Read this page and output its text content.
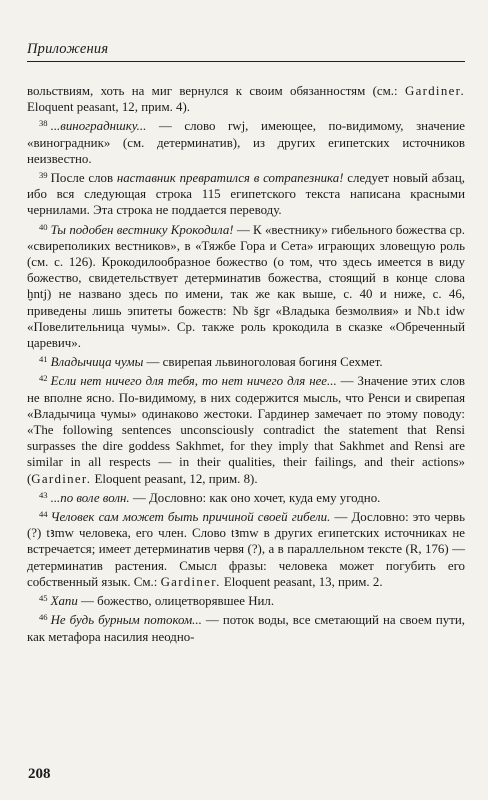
Приложения

вольствиям, хоть на миг вернулся к своим обязанностям (см.: Gardiner. Eloquent peasant, 12, прим. 4).

$^{38}$ ...виноградншку... — слово rwj, имеющее, по-видимому, значение «виноградник» (см. детерминатив), из других египетских источников неизвестно.

$^{39}$ После слов наставник превратился в сотрапезника! следует новый абзац, ибо вся следующая строка 115 египетского текста написана красными чернилами. Эта строка не поддается переводу.

$^{40}$ Ты подобен вестнику Крокодила! — К «вестнику» гибельного божества ср. «свиреполиких вестников», в «Тяжбе Гора и Сета» играющих зловещую роль (см. с. 126). Крокодилообразное божество (о том, что здесь имеется в виду божество, свидетельствует детерминатив божества, стоящий в конце слова ḫntj) не названо здесь по имени, так же как выше, с. 40 и ниже, с. 46, приведены лишь эпитеты божеств: Nb šgr «Владыка безмолвия» и Nb.t idw «Повелительница чумы». Ср. также роль крокодила в сказке «Обреченный царевич».

$^{41}$ Владычица чумы — свирепая львиноголовая богиня Сехмет.

$^{42}$ Если нет ничего для тебя, то нет ничего для нее... — Значение этих слов не вполне ясно. По-видимому, в них содержится мысль, что Ренси и свирепая «Владычица чумы» одинаково жестоки. Гардинер замечает по этому поводу: «The following sentences unconsciously contradict the statement that Rensi surpasses the dire goddess Sakhmet, for they imply that Sakhmet and Rensi are similar in all respects — in their qualities, their failings, and their actions» (Gardiner. Eloquent peasant, 12, прим. 8).

$^{43}$ ...по воле волн. — Дословно: как оно хочет, куда ему угодно.

$^{44}$ Человек сам может быть причиной своей гибели. — Дословно: это червь (?) tꜣmw человека, его член. Слово tꜣmw в других египетских источниках не встречается; имеет детерминатив червя (?), а в параллельном тексте (R, 176) — детерминатив растения. Смысл фразы: человека может погубить его собственный язык. См.: Gardiner. Eloquent peasant, 13, прим. 2.

$^{45}$ Хапи — божество, олицетворявшее Нил.

$^{46}$ Не будь бурным потоком... — поток воды, все сметающий на своем пути, как метафора насилия неодно-

208
